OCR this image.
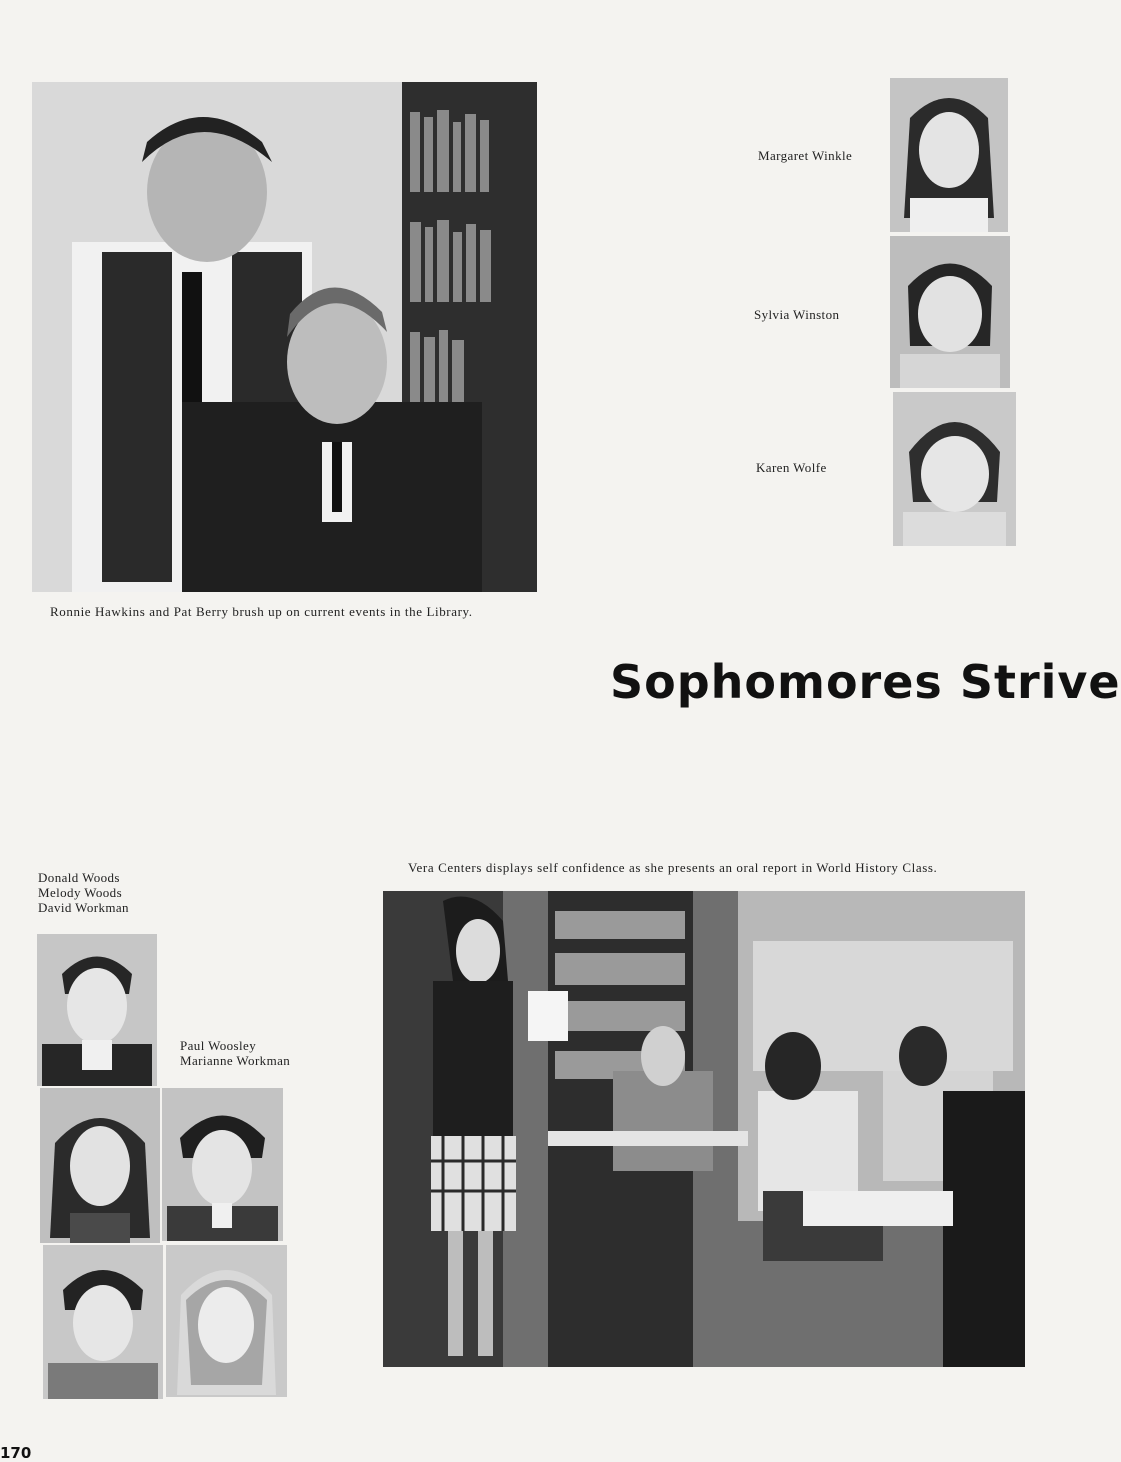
Ronnie Hawkins and Pat Berry brush up on current events in the Library.
Margaret Winkle
Sylvia Winston
Karen Wolfe
Sophomores Strive
Donald Woods
Melody Woods
David Workman
Paul Woosley
Marianne Workman
Vera Centers displays self confidence as she presents an oral report in World History Class.
170
